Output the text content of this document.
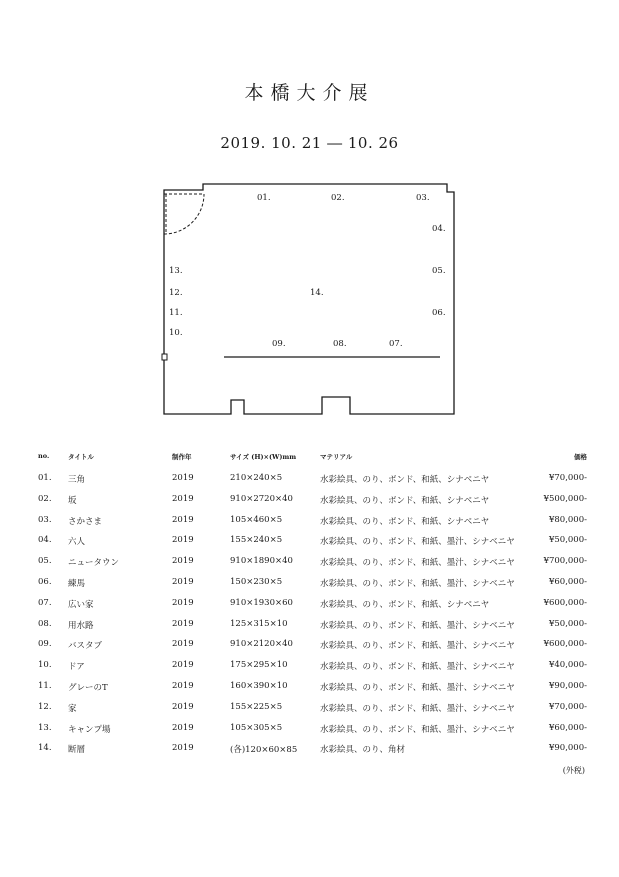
本橋大介展
2019. 10. 21 ― 10. 26
01.	02.	03.
04.
05.
06.
07.
08.
09.
10.
11.
12.
13.
14.
no.	タイトル	制作年	サイズ (H)×(W)mm	マテリアル	価格
01. 三角	2019	210×240×5	水彩絵具、のり、ボンド、和紙、シナベニヤ	¥70,000-
02. 坂	2019	910×2720×40	水彩絵具、のり、ボンド、和紙、シナベニヤ	¥500,000-
03. さかさま	2019	105×460×5	水彩絵具、のり、ボンド、和紙、シナベニヤ	¥80,000-
04. 六人	2019	155×240×5	水彩絵具、のり、ボンド、和紙、墨汁、シナベニヤ	¥50,000-
05. ニュータウン	2019	910×1890×40	水彩絵具、のり、ボンド、和紙、墨汁、シナベニヤ	¥700,000-
06. 練馬	2019	150×230×5	水彩絵具、のり、ボンド、和紙、墨汁、シナベニヤ	¥60,000-
07. 広い家	2019	910×1930×60	水彩絵具、のり、ボンド、和紙、シナベニヤ	¥600,000-
08. 用水路	2019	125×315×10	水彩絵具、のり、ボンド、和紙、墨汁、シナベニヤ	¥50,000-
09. バスタブ	2019	910×2120×40	水彩絵具、のり、ボンド、和紙、墨汁、シナベニヤ	¥600,000-
10. ドア	2019	175×295×10	水彩絵具、のり、ボンド、和紙、墨汁、シナベニヤ	¥40,000-
11. グレーのT	2019	160×390×10	水彩絵具、のり、ボンド、和紙、墨汁、シナベニヤ	¥90,000-
12. 家	2019	155×225×5	水彩絵具、のり、ボンド、和紙、墨汁、シナベニヤ	¥70,000-
13. キャンプ場	2019	105×305×5	水彩絵具、のり、ボンド、和紙、墨汁、シナベニヤ	¥60,000-
14. 断層	2019	(各)120×60×85	水彩絵具、のり、角材	¥90,000-
(外税)
